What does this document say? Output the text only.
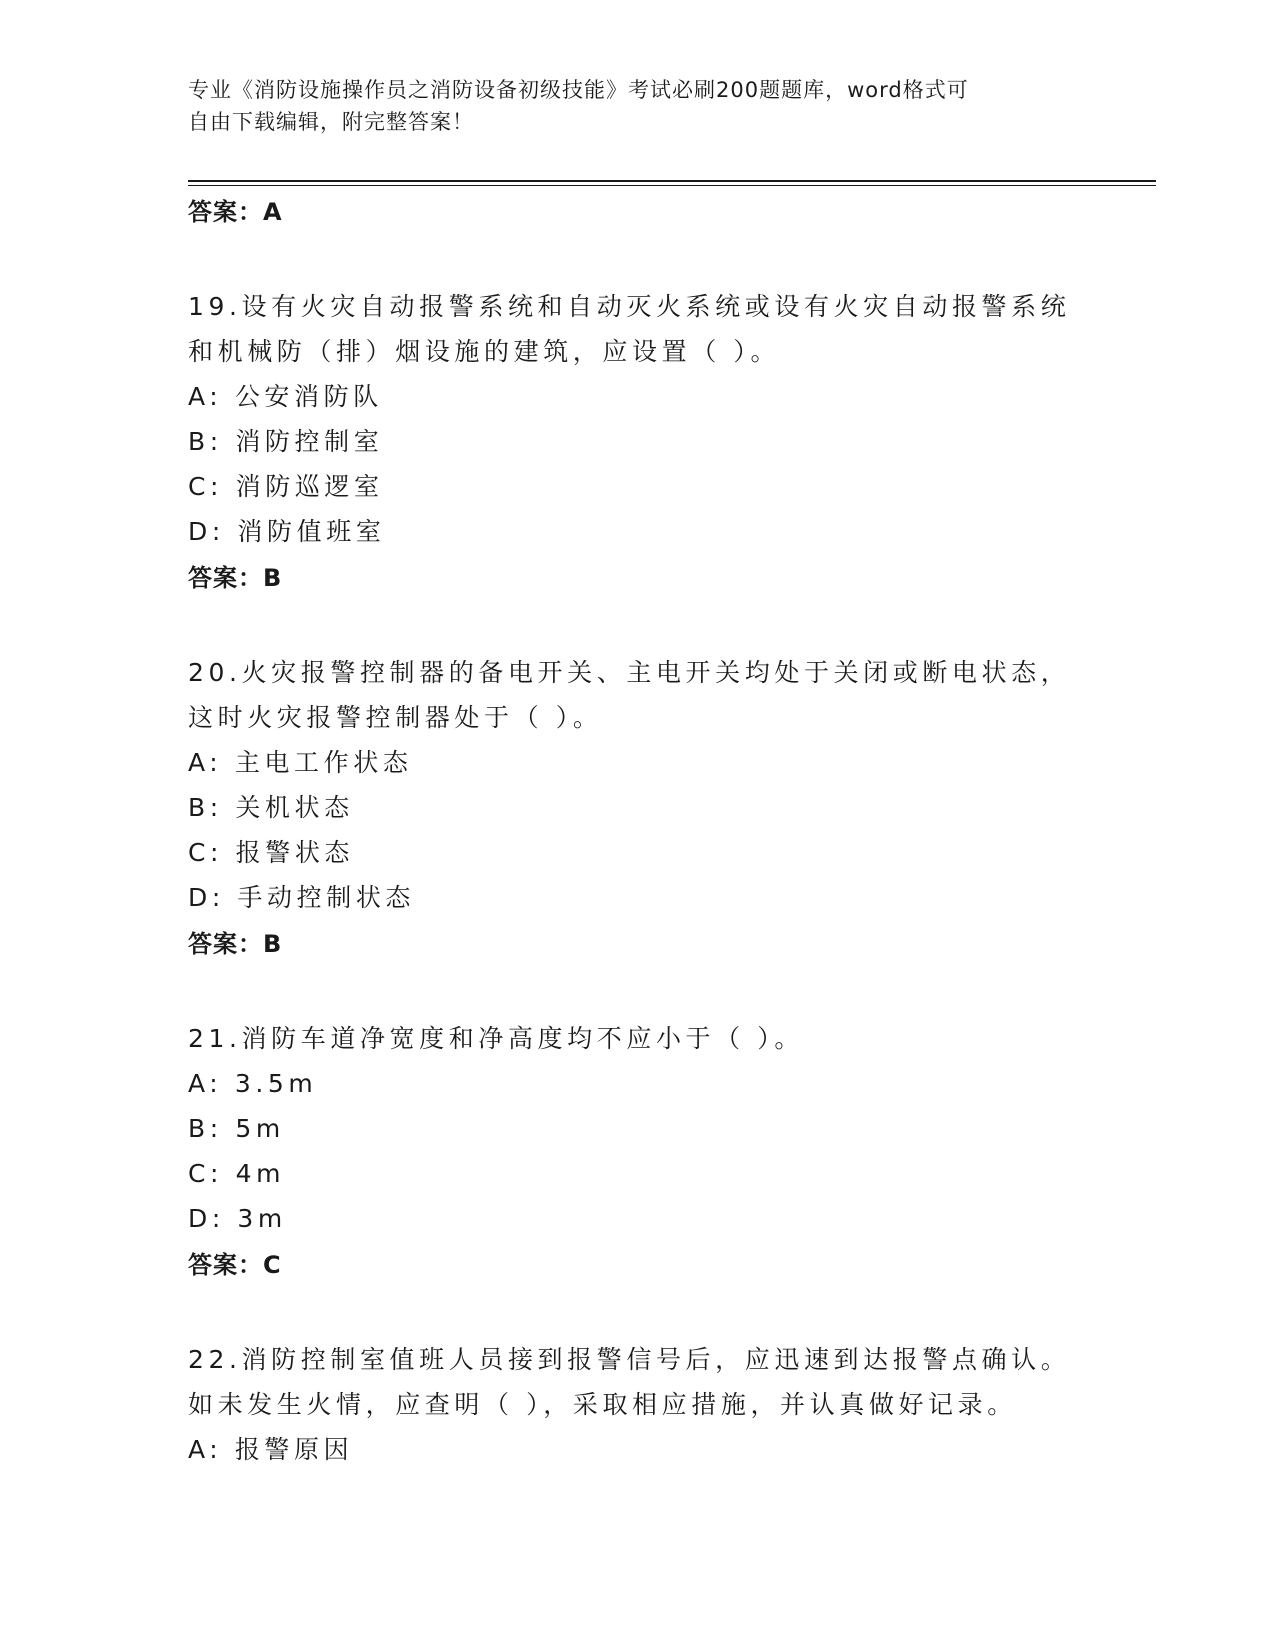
专业《消防设施操作员之消防设备初级技能》考试必刷200题题库，word格式可
自由下载编辑，附完整答案！
答案：A
19.设有火灾自动报警系统和自动灭火系统或设有火灾自动报警系统和机械防（排）烟设施的建筑，应设置（ ）。
A: 公安消防队
B: 消防控制室
C: 消防巡逻室
D: 消防值班室
答案：B
20.火灾报警控制器的备电开关、主电开关均处于关闭或断电状态，这时火灾报警控制器处于（ ）。
A: 主电工作状态
B: 关机状态
C: 报警状态
D: 手动控制状态
答案：B
21.消防车道净宽度和净高度均不应小于（ ）。
A: 3.5m
B: 5m
C: 4m
D: 3m
答案：C
22.消防控制室值班人员接到报警信号后，应迅速到达报警点确认。如未发生火情，应查明（ ），采取相应措施，并认真做好记录。
A: 报警原因
